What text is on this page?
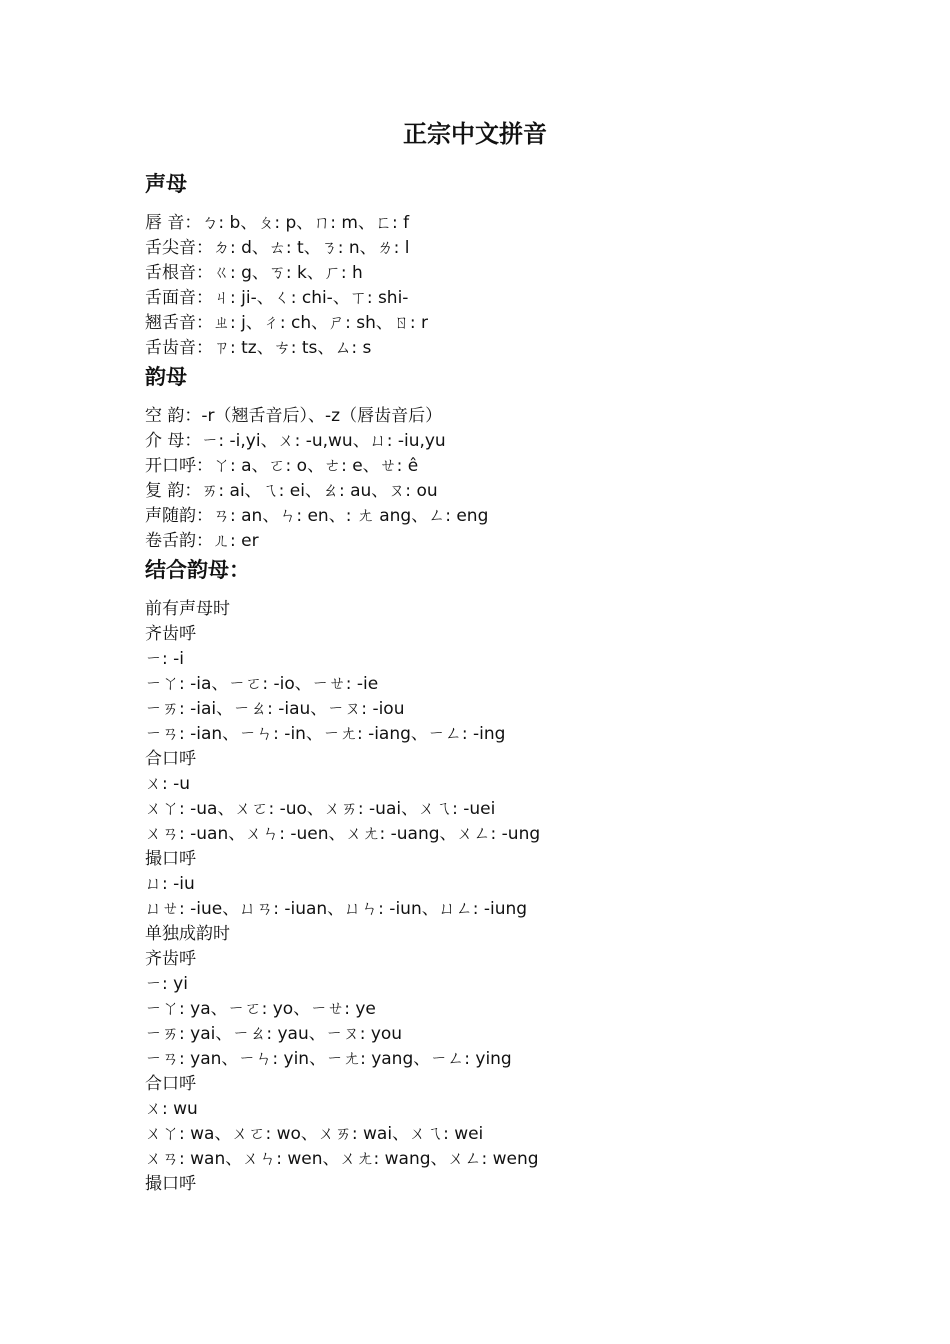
正宗中文拼音
声母
唇 音：ㄅ: b、ㄆ: p、ㄇ: m、ㄈ: f
舌尖音：ㄉ: d、ㄊ: t、ㄋ: n、ㄌ: l
舌根音：ㄍ: g、ㄎ: k、ㄏ: h
舌面音：ㄐ: ji-、ㄑ: chi-、ㄒ: shi-
翘舌音：ㄓ: j、ㄔ: ch、ㄕ: sh、ㄖ: r
舌齿音：ㄗ: tz、ㄘ: ts、ㄙ: s
韵母
空 韵：-r（翘舌音后）、-z（唇齿音后）
介 母：ㄧ: -i,yi、ㄨ: -u,wu、ㄩ: -iu,yu
开口呼：ㄚ: a、ㄛ: o、ㄜ: e、ㄝ: ê
复 韵：ㄞ: ai、ㄟ: ei、ㄠ: au、ㄡ: ou
声随韵：ㄢ: an、ㄣ: en、: ㄤ ang、ㄥ: eng
卷舌韵：ㄦ: er
结合韵母：
前有声母时
齐齿呼
ㄧ: -i
ㄧㄚ: -ia、ㄧㄛ: -io、ㄧㄝ: -ie
ㄧㄞ: -iai、ㄧㄠ: -iau、ㄧㄡ: -iou
ㄧㄢ: -ian、ㄧㄣ: -in、ㄧㄤ: -iang、ㄧㄥ: -ing
合口呼
ㄨ: -u
ㄨㄚ: -ua、ㄨㄛ: -uo、ㄨㄞ: -uai、ㄨㄟ: -uei
ㄨㄢ: -uan、ㄨㄣ: -uen、ㄨㄤ: -uang、ㄨㄥ: -ung
撮口呼
ㄩ: -iu
ㄩㄝ: -iue、ㄩㄢ: -iuan、ㄩㄣ: -iun、ㄩㄥ: -iung
单独成韵时
齐齿呼
ㄧ: yi
ㄧㄚ: ya、ㄧㄛ: yo、ㄧㄝ: ye
ㄧㄞ: yai、ㄧㄠ: yau、ㄧㄡ: you
ㄧㄢ: yan、ㄧㄣ: yin、ㄧㄤ: yang、ㄧㄥ: ying
合口呼
ㄨ: wu
ㄨㄚ: wa、ㄨㄛ: wo、ㄨㄞ: wai、ㄨㄟ: wei
ㄨㄢ: wan、ㄨㄣ: wen、ㄨㄤ: wang、ㄨㄥ: weng
撮口呼
